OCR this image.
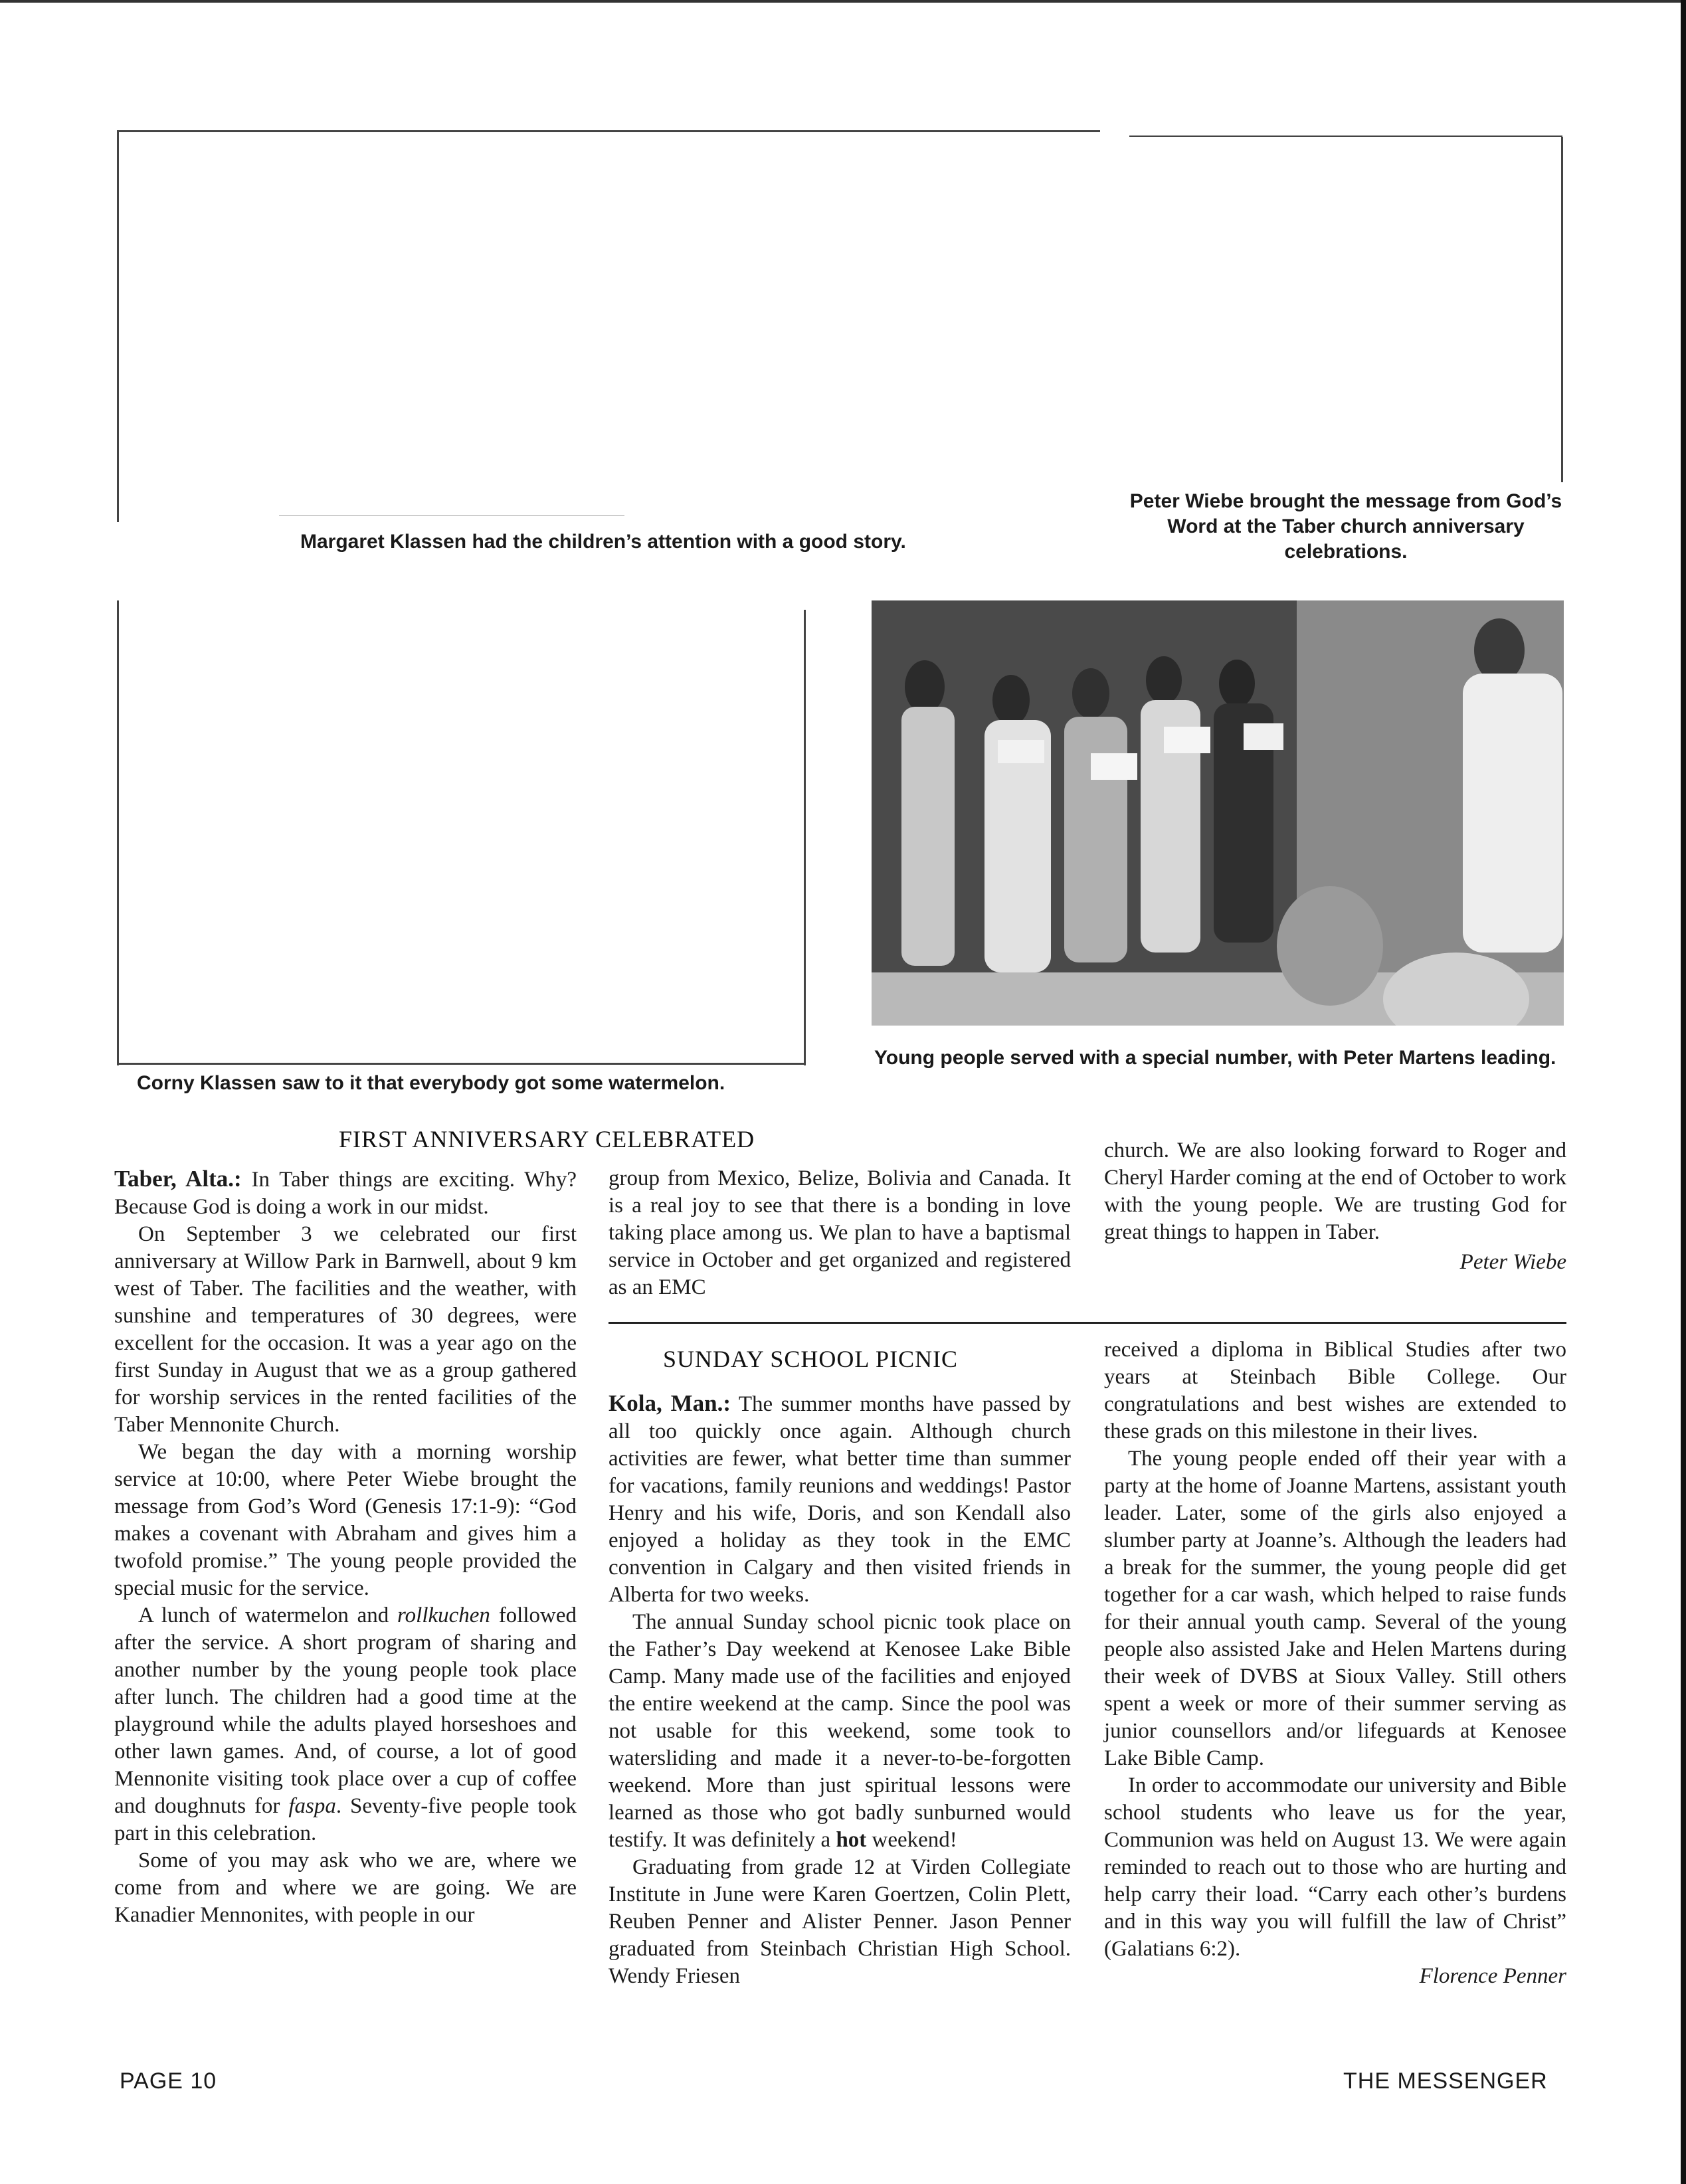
Margaret Klassen had the children’s attention with a good story.
Peter Wiebe brought the message from God’s Word at the Taber church anniversary celebrations.
Corny Klassen saw to it that everybody got some watermelon.
Young people served with a special number, with Peter Martens leading.
FIRST ANNIVERSARY CELEBRATED

Taber, Alta.: In Taber things are exciting. Why? Because God is doing a work in our midst.

On September 3 we celebrated our first anniversary at Willow Park in Barnwell, about 9 km west of Taber. The facilities and the weather, with sunshine and temperatures of 30 degrees, were excellent for the occasion. It was a year ago on the first Sunday in August that we as a group gathered for worship services in the rented facilities of the Taber Mennonite Church.

We began the day with a morning worship service at 10:00, where Peter Wiebe brought the message from God’s Word (Genesis 17:1-9): “God makes a covenant with Abraham and gives him a twofold promise.” The young people provided the special music for the service.

A lunch of watermelon and rollkuchen followed after the service. A short program of sharing and another number by the young people took place after lunch. The children had a good time at the playground while the adults played horseshoes and other lawn games. And, of course, a lot of good Mennonite visiting took place over a cup of coffee and doughnuts for faspa. Seventy-five people took part in this celebration.

Some of you may ask who we are, where we come from and where we are going. We are Kanadier Mennonites, with people in our

group from Mexico, Belize, Bolivia and Canada. It is a real joy to see that there is a bonding in love taking place among us. We plan to have a baptismal service in October and get organized and registered as an EMC

church. We are also looking forward to Roger and Cheryl Harder coming at the end of October to work with the young people. We are trusting God for great things to happen in Taber.

Peter Wiebe

SUNDAY SCHOOL PICNIC

Kola, Man.: The summer months have passed by all too quickly once again. Although church activities are fewer, what better time than summer for vacations, family reunions and weddings! Pastor Henry and his wife, Doris, and son Kendall also enjoyed a holiday as they took in the EMC convention in Calgary and then visited friends in Alberta for two weeks.

The annual Sunday school picnic took place on the Father’s Day weekend at Kenosee Lake Bible Camp. Many made use of the facilities and enjoyed the entire weekend at the camp. Since the pool was not usable for this weekend, some took to watersliding and made it a never-to-be-forgotten weekend. More than just spiritual lessons were learned as those who got badly sunburned would testify. It was definitely a hot weekend!

Graduating from grade 12 at Virden Collegiate Institute in June were Karen Goertzen, Colin Plett, Reuben Penner and Alister Penner. Jason Penner graduated from Steinbach Christian High School. Wendy Friesen

received a diploma in Biblical Studies after two years at Steinbach Bible College. Our congratulations and best wishes are extended to these grads on this milestone in their lives.

The young people ended off their year with a party at the home of Joanne Martens, assistant youth leader. Later, some of the girls also enjoyed a slumber party at Joanne’s. Although the leaders had a break for the summer, the young people did get together for a car wash, which helped to raise funds for their annual youth camp. Several of the young people also assisted Jake and Helen Martens during their week of DVBS at Sioux Valley. Still others spent a week or more of their summer serving as junior counsellors and/or lifeguards at Kenosee Lake Bible Camp.

In order to accommodate our university and Bible school students who leave us for the year, Communion was held on August 13. We were again reminded to reach out to those who are hurting and help carry their load. “Carry each other’s burdens and in this way you will fulfill the law of Christ” (Galatians 6:2).

Florence Penner

PAGE 10	THE MESSENGER
